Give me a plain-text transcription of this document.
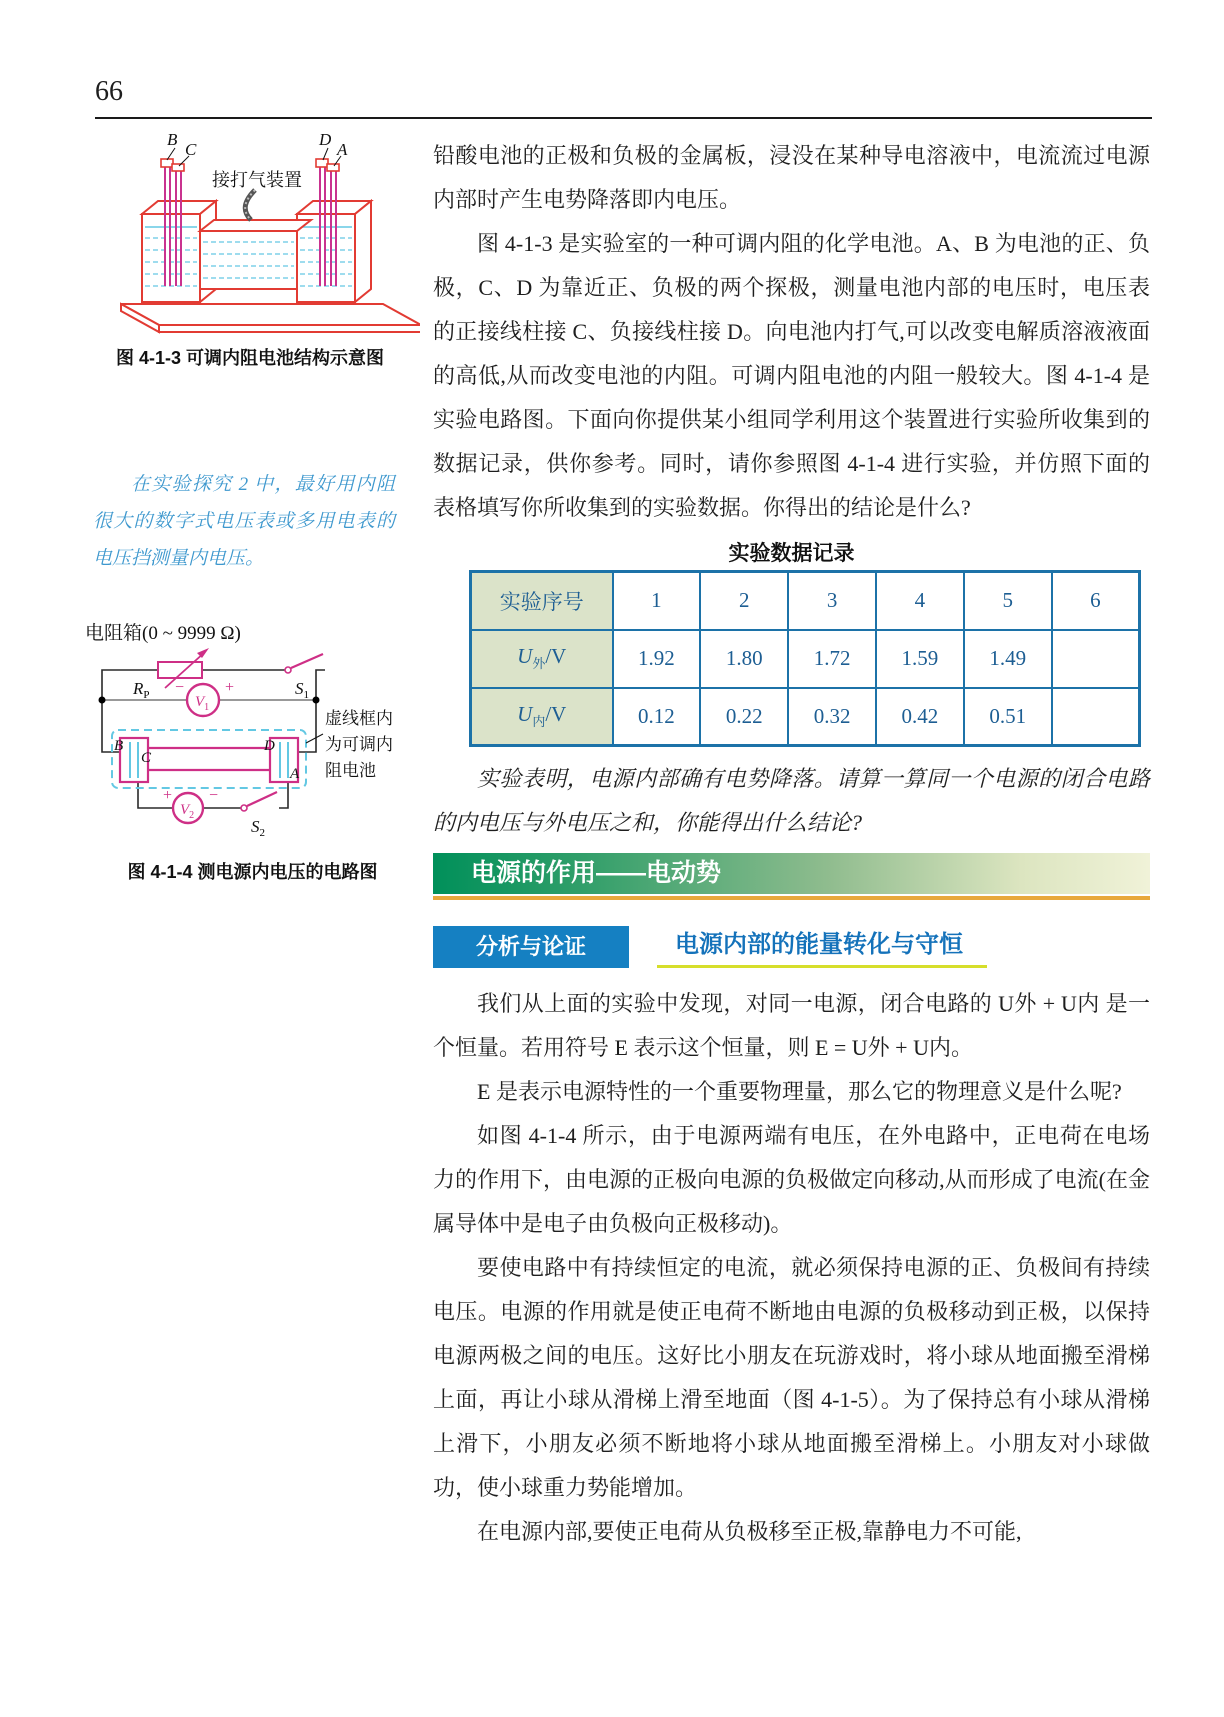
66
B
C
D
A
接打气装置
图 4-1-3 可调内阻电池结构示意图
在实验探究 2 中，最好用内阻很大的数字式电压表或多用电表的电压挡测量内电压。
电阻箱(0 ~ 9999 Ω)
$R_P$	$S_1$
$V_1$
−	+
B
C
D
A
$V_2$
+ −
$S_2$
虚线框内
为可调内
阻电池
图 4-1-4 测电源内电压的电路图

铅酸电池的正极和负极的金属板，浸没在某种导电溶液中，电流流过电源内部时产生电势降落即内电压。

图 4-1-3 是实验室的一种可调内阻的化学电池。A、B 为电池的正、负极，C、D 为靠近正、负极的两个探极，测量电池内部的电压时，电压表的正接线柱接 C、负接线柱接 D。向电池内打气,可以改变电解质溶液液面的高低,从而改变电池的内阻。可调内阻电池的内阻一般较大。图 4-1-4 是实验电路图。下面向你提供某小组同学利用这个装置进行实验所收集到的数据记录，供你参考。同时，请你参照图 4-1-4 进行实验，并仿照下面的表格填写你所收集到的实验数据。你得出的结论是什么?

实验数据记录
实验序号	1	2	3	4	5	6
$U_外/V$	1.92	1.80	1.72	1.59	1.49	
$U_内/V$	0.12	0.22	0.32	0.42	0.51	

实验表明，电源内部确有电势降落。请算一算同一个电源的闭合电路的内电压与外电压之和，你能得出什么结论?

电源的作用——电动势
分析与论证	电源内部的能量转化与守恒

我们从上面的实验中发现，对同一电源，闭合电路的 U外 + U内 是一个恒量。若用符号 E 表示这个恒量，则 E = U外 + U内。

E 是表示电源特性的一个重要物理量，那么它的物理意义是什么呢?

如图 4-1-4 所示，由于电源两端有电压，在外电路中，正电荷在电场力的作用下，由电源的正极向电源的负极做定向移动,从而形成了电流(在金属导体中是电子由负极向正极移动)。

要使电路中有持续恒定的电流，就必须保持电源的正、负极间有持续电压。电源的作用就是使正电荷不断地由电源的负极移动到正极，以保持电源两极之间的电压。这好比小朋友在玩游戏时，将小球从地面搬至滑梯上面，再让小球从滑梯上滑至地面（图 4-1-5）。为了保持总有小球从滑梯上滑下，小朋友必须不断地将小球从地面搬至滑梯上。小朋友对小球做功，使小球重力势能增加。

在电源内部,要使正电荷从负极移至正极,靠静电力不可能,
